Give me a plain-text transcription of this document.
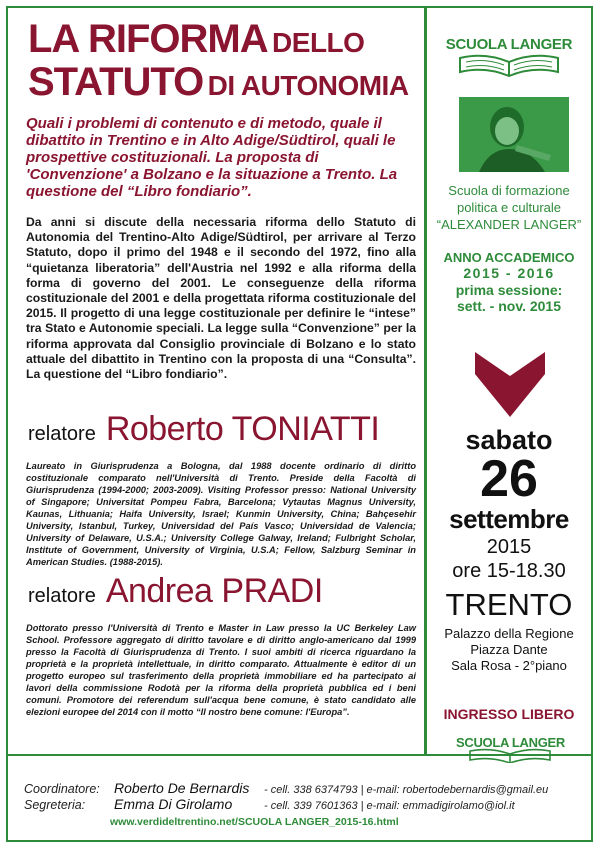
LA RIFORMA DELLO
STATUTO DI AUTONOMIA
Quali i problemi di contenuto e di metodo, quale il dibattito in Trentino e in Alto Adige/Südtirol, quali le prospettive costituzionali. La proposta di 'Convenzione' a Bolzano e la situazione a Trento. La questione del “Libro fondiario”.
Da anni si discute della necessaria riforma dello Statuto di Autonomia del Trentino-Alto Adige/Südtirol, per arrivare al Terzo Statuto, dopo il primo del 1948 e il secondo del 1972, fino alla “quietanza liberatoria” dell'Austria nel 1992 e alla riforma della forma di governo del 2001. Le conseguenze della riforma costituzionale del 2001 e della progettata riforma costituzionale del 2015. Il progetto di una legge costituzionale per definire le “intese” tra Stato e Autonomie speciali. La legge sulla “Convenzione” per la riforma approvata dal Consiglio provinciale di Bolzano e lo stato attuale del dibattito in Trentino con la proposta di una “Consulta”. La questione del “Libro fondiario”.
relatore Roberto TONIATTI
Laureato in Giurisprudenza a Bologna, dal 1988 docente ordinario di diritto costituzionale comparato nell'Università di Trento. Preside della Facoltà di Giurisprudenza (1994-2000; 2003-2009). Visiting Professor presso: National University of Singapore; Universitat Pompeu Fabra, Barcelona; Vytautas Magnus University, Kaunas, Lithuania; Haifa University, Israel; Kunmin University, China; Bahçesehir University, Istanbul, Turkey, Universidad del País Vasco; Universidad de Valencia; University of Delaware, U.S.A.; University College Galway, Ireland; Fulbright Scholar, Institute of Government, University of Virginia, U.S.A; Fellow, Salzburg Seminar in American Studies. (1988-2015).
relatore Andrea PRADI
Dottorato presso l'Università di Trento e Master in Law presso la UC Berkeley Law School. Professore aggregato di diritto tavolare e di diritto anglo-americano dal 1999 presso la Facoltà di Giurisprudenza di Trento. I suoi ambiti di ricerca riguardano la proprietà e la proprietà intellettuale, in diritto comparato. Attualmente è editor di un progetto europeo sul trasferimento della proprietà immobiliare ed ha partecipato ai lavori della commissione Rodotà per la riforma della proprietà pubblica ed i beni comuni. Promotore dei referendum sull'acqua bene comune, è stato candidato alle elezioni europee del 2014 con il motto “Il nostro bene comune: l'Europa”.
SCUOLA LANGER
Scuola di formazione
politica e culturale
“ALEXANDER LANGER”
ANNO ACCADEMICO
2015 - 2016
prima sessione:
sett. - nov. 2015
sabato
26
settembre
2015
ore 15-18.30
TRENTO
Palazzo della Regione
Piazza Dante
Sala Rosa - 2°piano
INGRESSO LIBERO
SCUOLA LANGER
Coordinatore:	Roberto De Bernardis	- cell. 338 6374793 | e-mail: robertodebernardis@gmail.eu
Segreteria:	Emma Di Girolamo	- cell. 339 7601363 | e-mail: emmadigirolamo@iol.it
www.verdideltrentino.net/SCUOLA LANGER_2015-16.html
